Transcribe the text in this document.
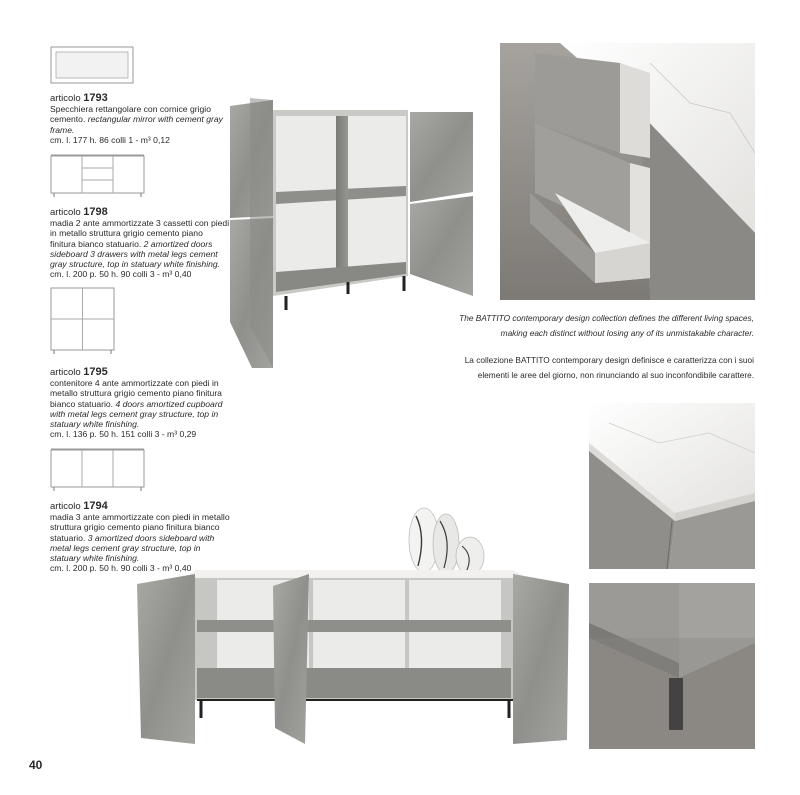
articolo 1793
Specchiera rettangolare con cornice grigio cemento. rectangular mirror with cement gray frame.
cm. l. 177 h. 86 colli 1 - m³ 0,12
articolo 1798
madia 2 ante ammortizzate 3 cassetti con piedi in metallo struttura grigio cemento piano finitura bianco statuario. 2 amortized doors sideboard 3 drawers with metal legs cement gray structure, top in statuary white finishing.
cm. l. 200 p. 50 h. 90 colli 3 - m³ 0,40
articolo 1795
contenitore 4 ante ammortizzate con piedi in metallo struttura grigio cemento piano finitura bianco statuario. 4 doors amortized cupboard with metal legs cement gray structure, top in statuary white finishing.
cm. l. 136 p. 50 h. 151 colli 3 - m³ 0,29
articolo 1794
madia 3 ante ammortizzate con piedi in metallo struttura grigio cemento piano finitura bianco statuario. 3 amortized doors sideboard with metal legs cement gray structure, top in statuary white finishing.
cm. l. 200 p. 50 h. 90 colli 3 - m³ 0,40
The BATTITO contemporary design collection defines the different living spaces,
making each distinct without losing any of its unmistakable character.
La collezione BATTITO contemporary design definisce e caratterizza con i suoi
elementi le aree del giorno, non rinunciando al suo inconfondibile carattere.
40
